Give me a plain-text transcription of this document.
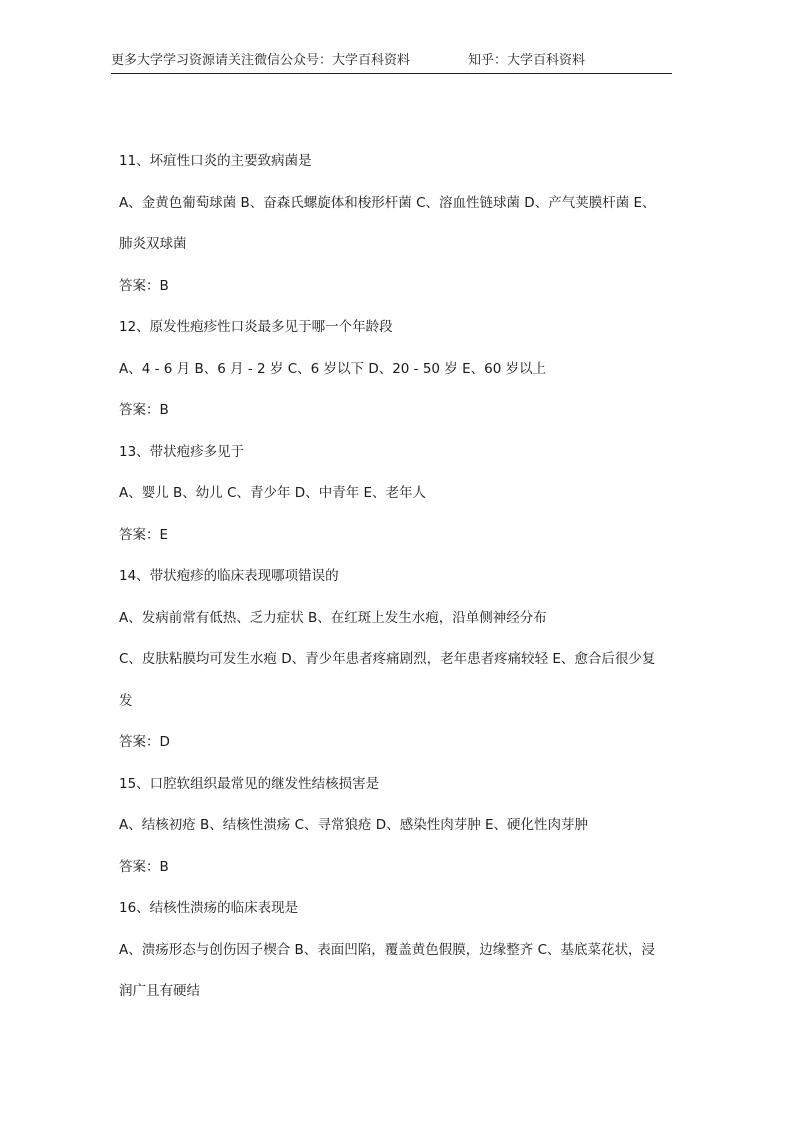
更多大学学习资源请关注微信公众号：大学百科资料	知乎：大学百科资料
11、坏疽性口炎的主要致病菌是
A、金黄色葡萄球菌 B、奋森氏螺旋体和梭形杆菌 C、溶血性链球菌 D、产气荚膜杆菌 E、
肺炎双球菌
答案：B
12、原发性疱疹性口炎最多见于哪一个年龄段
A、4 - 6 月 B、6 月 - 2 岁 C、6 岁以下 D、20 - 50 岁 E、60 岁以上
答案：B
13、带状疱疹多见于
A、婴儿 B、幼儿 C、青少年 D、中青年 E、老年人
答案：E
14、带状疱疹的临床表现哪项错误的
A、发病前常有低热、乏力症状 B、在红斑上发生水疱，沿单侧神经分布
C、皮肤粘膜均可发生水疱 D、青少年患者疼痛剧烈，老年患者疼痛较轻 E、愈合后很少复
发
答案：D
15、口腔软组织最常见的继发性结核损害是
A、结核初疮 B、结核性溃疡 C、寻常狼疮 D、感染性肉芽肿 E、硬化性肉芽肿
答案：B
16、结核性溃疡的临床表现是
A、溃疡形态与创伤因子楔合 B、表面凹陷，覆盖黄色假膜，边缘整齐 C、基底菜花状，浸
润广且有硬结
